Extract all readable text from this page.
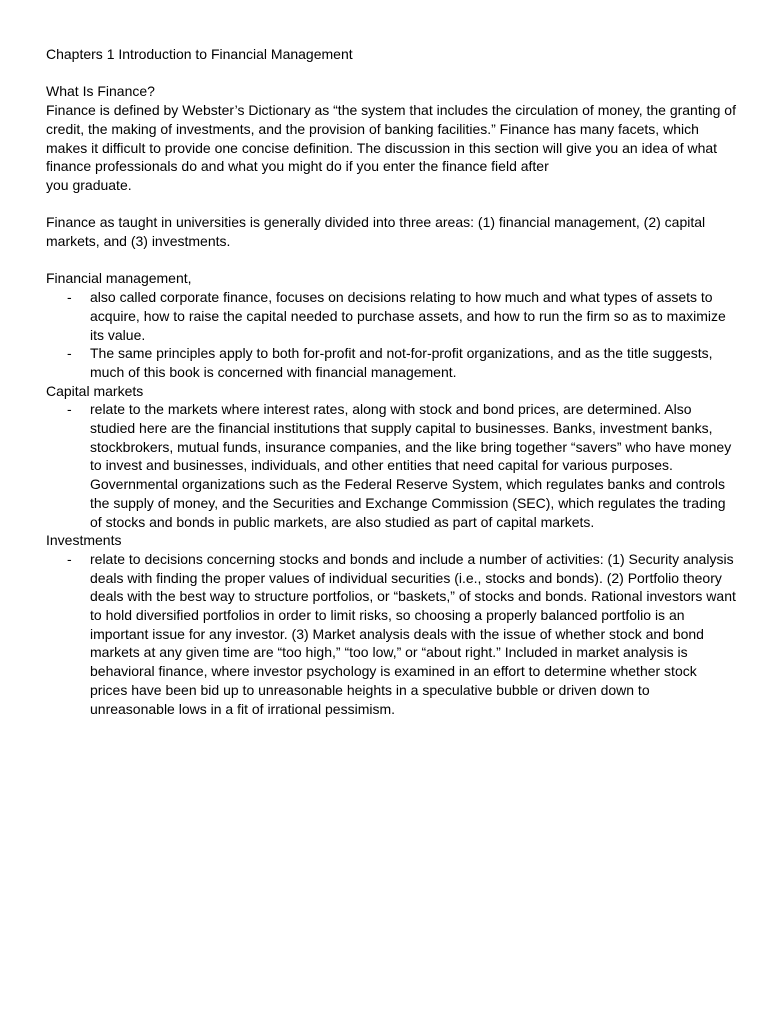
Chapters 1 Introduction to Financial Management

What Is Finance?

Finance is defined by Webster’s Dictionary as “the system that includes the circulation of money, the granting of credit, the making of investments, and the provision of banking facilities.” Finance has many facets, which makes it difficult to provide one concise definition. The discussion in this section will give you an idea of what finance professionals do and what you might do if you enter the finance field after
you graduate.

Finance as taught in universities is generally divided into three areas: (1) financial management, (2) capital markets, and (3) investments.

Financial management,

- also called corporate finance, focuses on decisions relating to how much and what types of assets to acquire, how to raise the capital needed to purchase assets, and how to run the firm so as to maximize its value.
- The same principles apply to both for-profit and not-for-profit organizations, and as the title suggests, much of this book is concerned with financial management.

Capital markets

- relate to the markets where interest rates, along with stock and bond prices, are determined. Also studied here are the financial institutions that supply capital to businesses. Banks, investment banks, stockbrokers, mutual funds, insurance companies, and the like bring together “savers” who have money to invest and businesses, individuals, and other entities that need capital for various purposes. Governmental organizations such as the Federal Reserve System, which regulates banks and controls the supply of money, and the Securities and Exchange Commission (SEC), which regulates the trading of stocks and bonds in public markets, are also studied as part of capital markets.

Investments

- relate to decisions concerning stocks and bonds and include a number of activities: (1) Security analysis deals with finding the proper values of individual securities (i.e., stocks and bonds). (2) Portfolio theory deals with the best way to structure portfolios, or “baskets,” of stocks and bonds. Rational investors want to hold diversified portfolios in order to limit risks, so choosing a properly balanced portfolio is an important issue for any investor. (3) Market analysis deals with the issue of whether stock and bond markets at any given time are “too high,” “too low,” or “about right.” Included in market analysis is behavioral finance, where investor psychology is examined in an effort to determine whether stock prices have been bid up to unreasonable heights in a speculative bubble or driven down to unreasonable lows in a fit of irrational pessimism.
